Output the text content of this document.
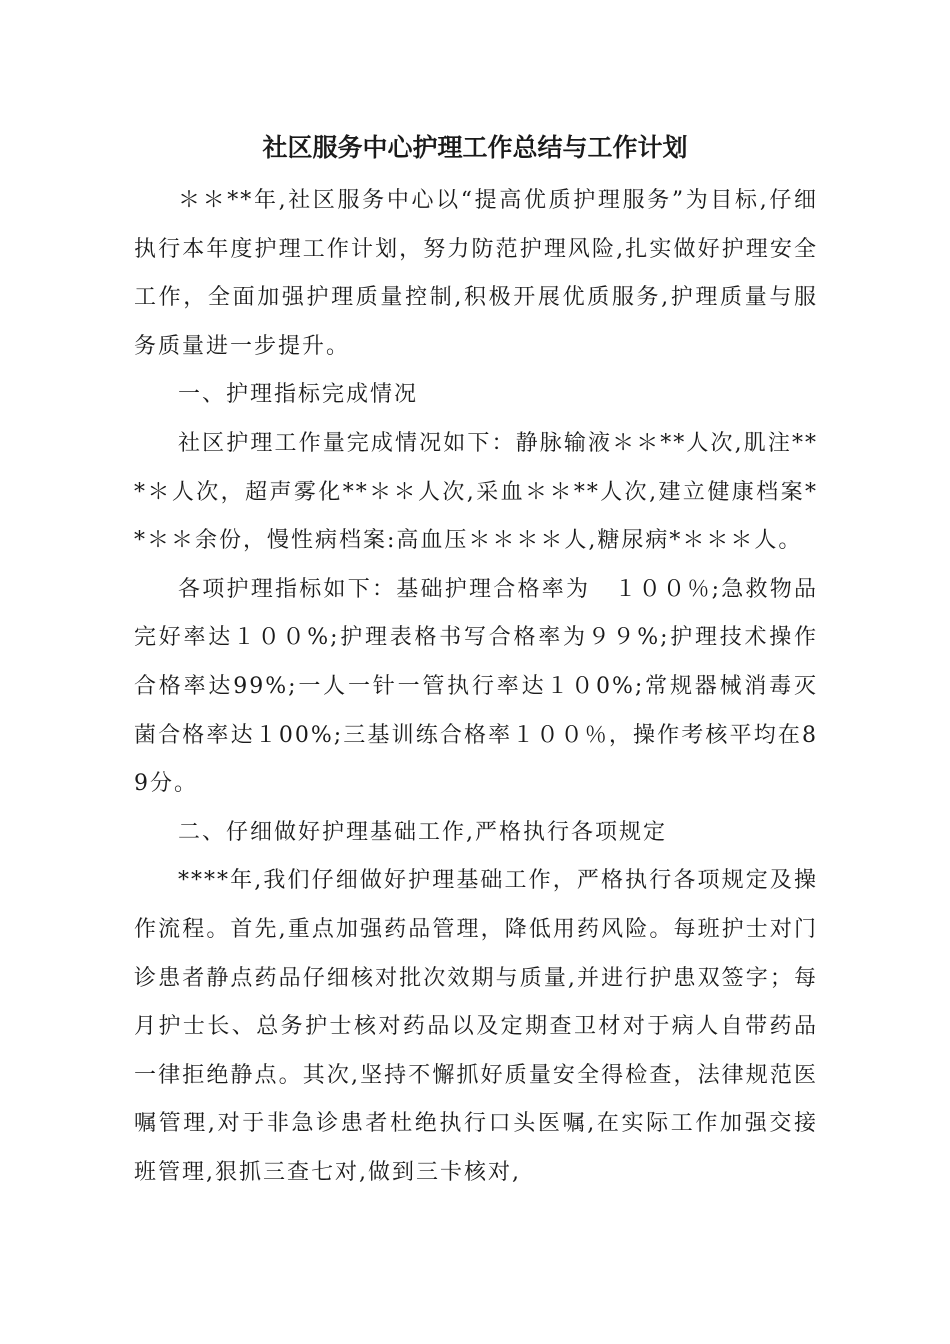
社区服务中心护理工作总结与工作计划

＊＊**年,社区服务中心以“提高优质护理服务”为目标,仔细执行本年度护理工作计划，努力防范护理风险,扎实做好护理安全工作，全面加强护理质量控制,积极开展优质服务,护理质量与服务质量进一步提升。

一、护理指标完成情况

社区护理工作量完成情况如下：静脉输液＊＊**人次,肌注***＊人次，超声雾化**＊＊人次,采血＊＊**人次,建立健康档案**＊＊余份，慢性病档案:高血压＊＊＊＊人,糖尿病*＊＊＊人。

各项护理指标如下：基础护理合格率为　１００％;急救物品完好率达１００%;护理表格书写合格率为９９%;护理技术操作合格率达99%;一人一针一管执行率达１０0%;常规器械消毒灭菌合格率达１00%;三基训练合格率１００％，操作考核平均在89分。

二、仔细做好护理基础工作,严格执行各项规定

****年,我们仔细做好护理基础工作，严格执行各项规定及操作流程。首先,重点加强药品管理，降低用药风险。每班护士对门诊患者静点药品仔细核对批次效期与质量,并进行护患双签字；每月护士长、总务护士核对药品以及定期查卫材对于病人自带药品一律拒绝静点。其次,坚持不懈抓好质量安全得检查，法律规范医嘱管理,对于非急诊患者杜绝执行口头医嘱,在实际工作加强交接班管理,狠抓三查七对,做到三卡核对,
